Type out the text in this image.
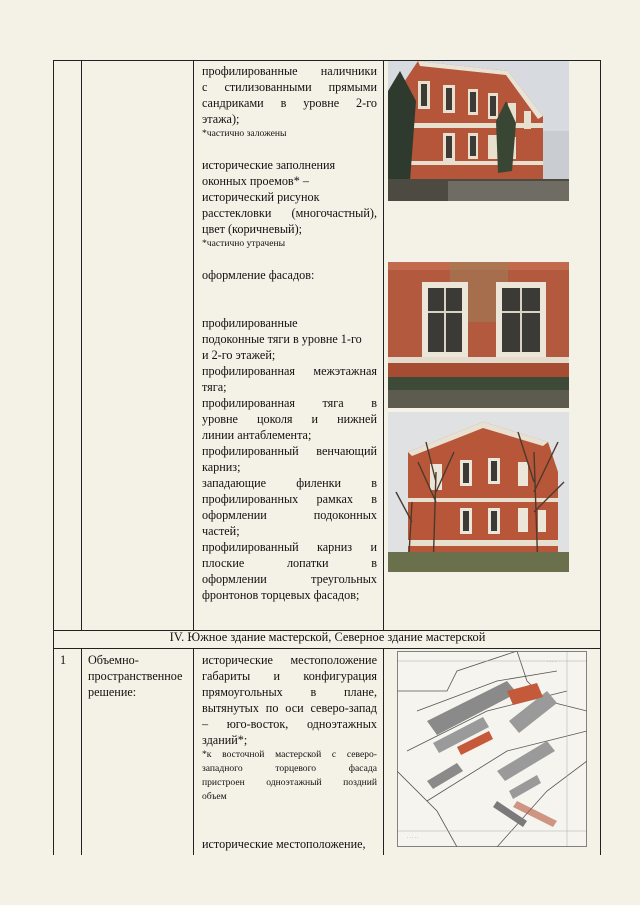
профилированные наличники
с стилизованными прямыми
сандриками в уровне 2-го
этажа);
*частично заложены
исторические заполнения
оконных проемов* –
исторический рисунок
расстекловки (многочастный),
цвет (коричневый);
*частично утрачены
оформление фасадов:
профилированные
подоконные тяги в уровне 1-го
и 2-го этажей;
профилированная межэтажная
тяга;
профилированная тяга в
уровне цоколя и нижней
линии антаблемента;
профилированный венчающий
карниз;
западающие филенки в
профилированных рамках в
оформлении подоконных
частей;
профилированный карниз и
плоские лопатки в
оформлении треугольных
фронтонов торцевых фасадов;
IV. Южное здание мастерской, Северное здание мастерской
1 Объемно-
пространственное
решение:
исторические местоположение
габариты и конфигурация
прямоугольных в плане,
вытянутых по оси северо-запад
– юго-восток, одноэтажных
зданий*;
*к восточной мастерской с северо-
западного торцевого фасада
пристроен одноэтажный поздний
объем
исторические местоположение,
· · · ·
· · · · ·
